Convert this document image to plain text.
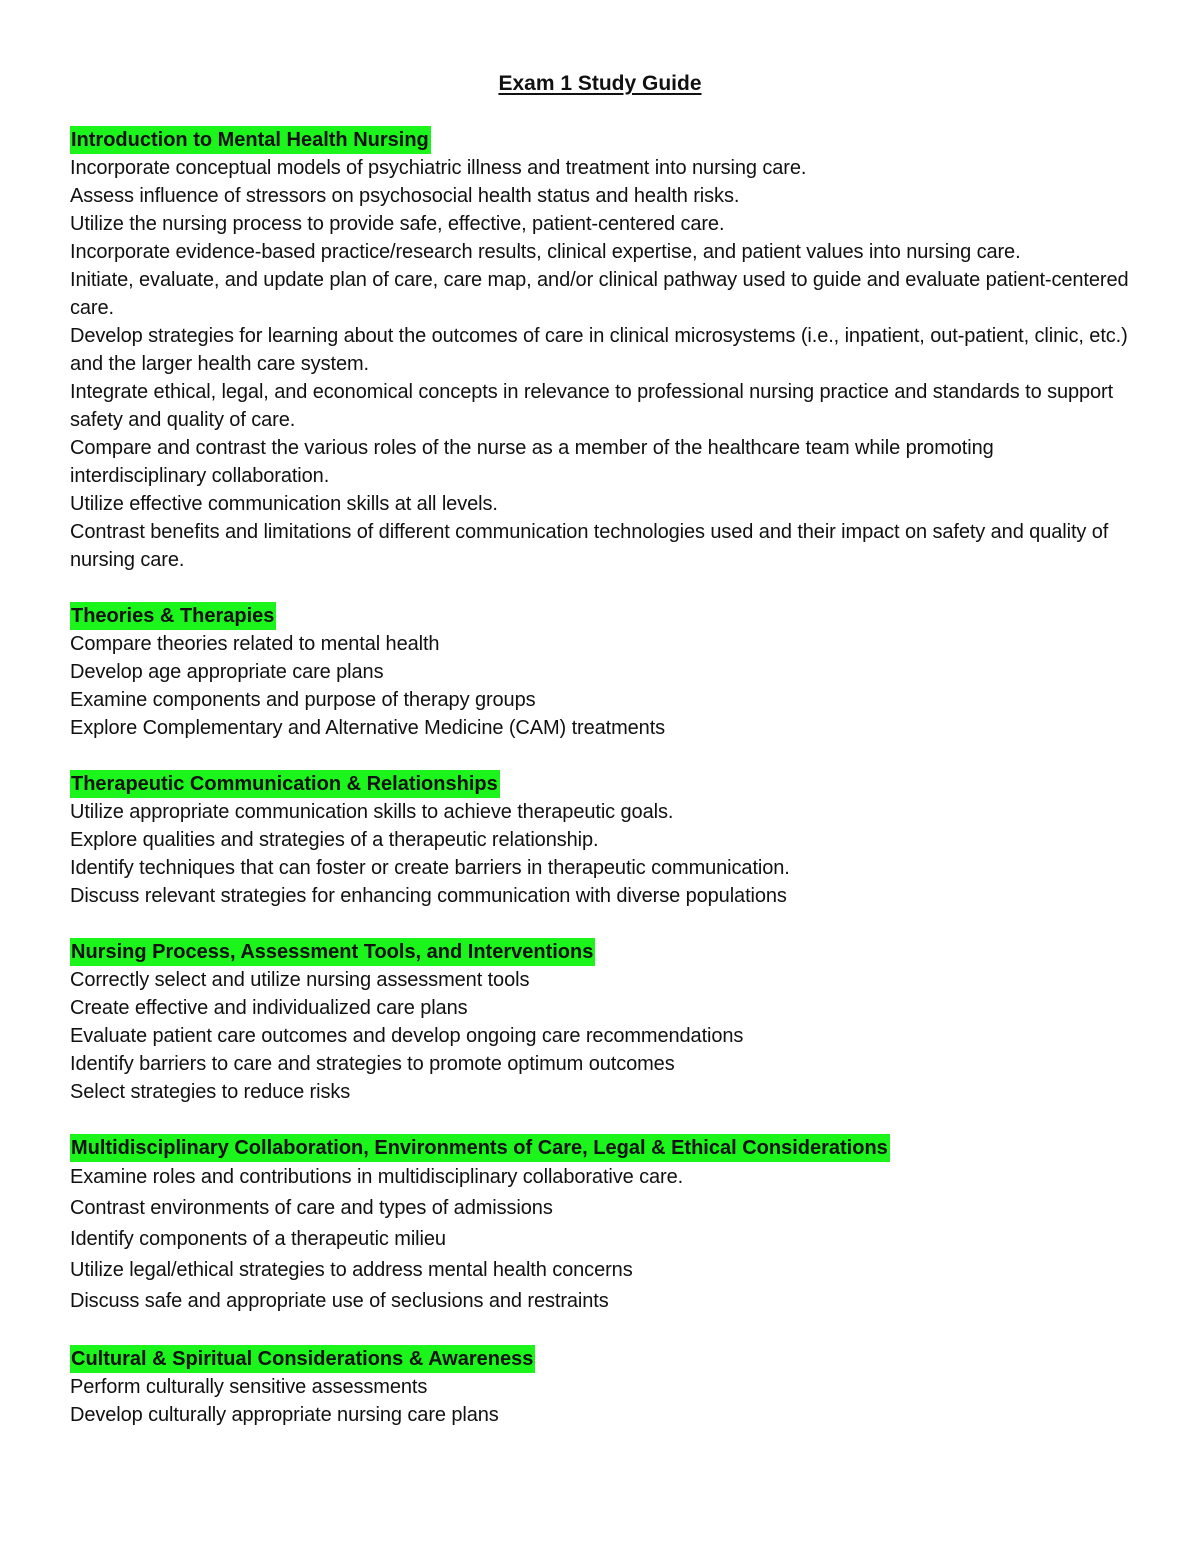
Exam 1 Study Guide
Introduction to Mental Health Nursing

Incorporate conceptual models of psychiatric illness and treatment into nursing care.

Assess influence of stressors on psychosocial health status and health risks.

Utilize the nursing process to provide safe, effective, patient-centered care.

Incorporate evidence-based practice/research results, clinical expertise, and patient values into nursing care.

Initiate, evaluate, and update plan of care, care map, and/or clinical pathway used to guide and evaluate patient-centered care.

Develop strategies for learning about the outcomes of care in clinical microsystems (i.e., inpatient, out-patient, clinic, etc.) and the larger health care system.

Integrate ethical, legal, and economical concepts in relevance to professional nursing practice and standards to support safety and quality of care.

Compare and contrast the various roles of the nurse as a member of the healthcare team while promoting interdisciplinary collaboration.

Utilize effective communication skills at all levels.

Contrast benefits and limitations of different communication technologies used and their impact on safety and quality of nursing care.

Theories & Therapies

Compare theories related to mental health

Develop age appropriate care plans

Examine components and purpose of therapy groups

Explore Complementary and Alternative Medicine (CAM) treatments

Therapeutic Communication & Relationships

Utilize appropriate communication skills to achieve therapeutic goals.

Explore qualities and strategies of a therapeutic relationship.

Identify techniques that can foster or create barriers in therapeutic communication.

Discuss relevant strategies for enhancing communication with diverse populations

Nursing Process, Assessment Tools, and Interventions

Correctly select and utilize nursing assessment tools

Create effective and individualized care plans

Evaluate patient care outcomes and develop ongoing care recommendations

Identify barriers to care and strategies to promote optimum outcomes

Select strategies to reduce risks

Multidisciplinary Collaboration, Environments of Care, Legal & Ethical Considerations

Examine roles and contributions in multidisciplinary collaborative care.

Contrast environments of care and types of admissions

Identify components of a therapeutic milieu

Utilize legal/ethical strategies to address mental health concerns

Discuss safe and appropriate use of seclusions and restraints

Cultural & Spiritual Considerations & Awareness

Perform culturally sensitive assessments

Develop culturally appropriate nursing care plans
